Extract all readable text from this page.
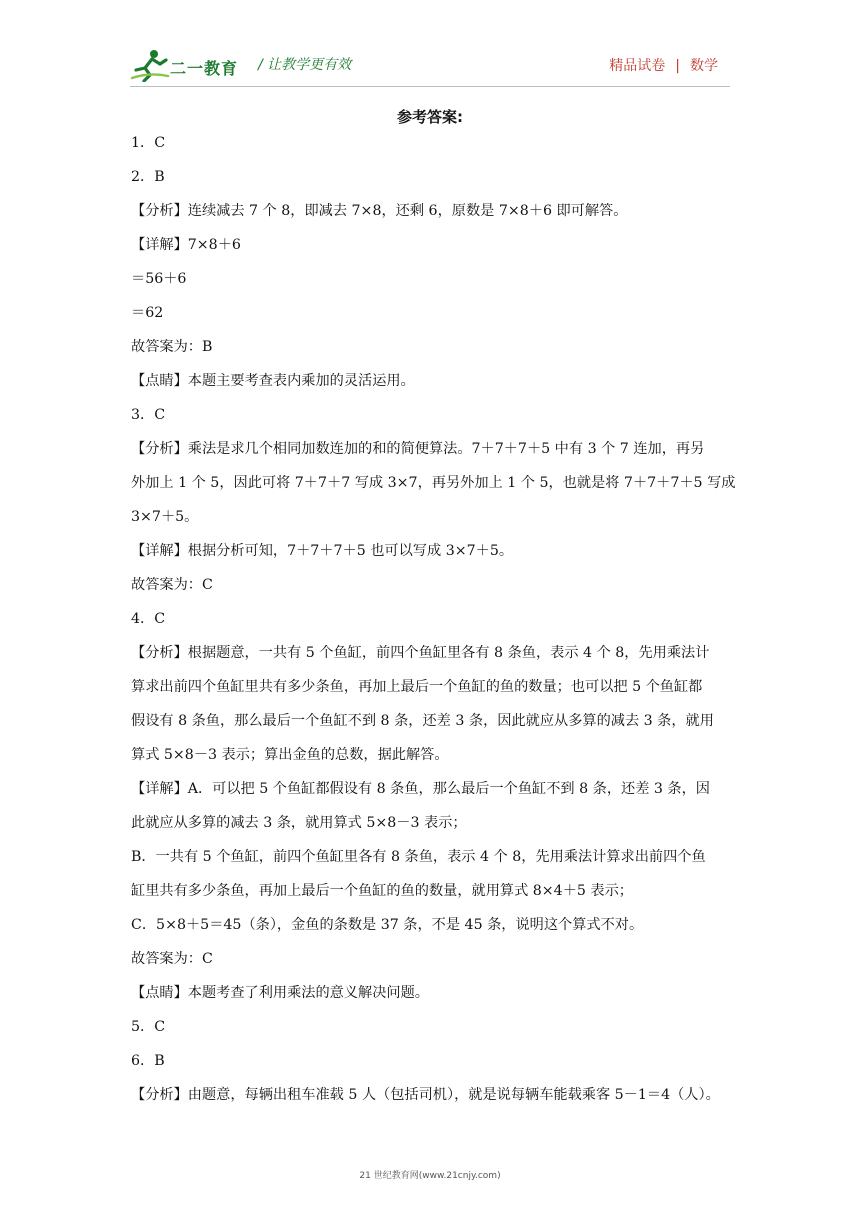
二一教育 / 让教学更有效	精品试卷 | 数学
参考答案:

1．C

2．B

【分析】连续减去 7 个 8，即减去 7×8，还剩 6，原数是 7×8＋6 即可解答。

【详解】7×8＋6

＝56＋6

＝62

故答案为：B

【点睛】本题主要考查表内乘加的灵活运用。

3．C

【分析】乘法是求几个相同加数连加的和的简便算法。7＋7＋7＋5 中有 3 个 7 连加，再另

外加上 1 个 5，因此可将 7＋7＋7 写成 3×7，再另外加上 1 个 5，也就是将 7＋7＋7＋5 写成

3×7＋5。

【详解】根据分析可知，7＋7＋7＋5 也可以写成 3×7＋5。

故答案为：C

4．C

【分析】根据题意，一共有 5 个鱼缸，前四个鱼缸里各有 8 条鱼，表示 4 个 8，先用乘法计

算求出前四个鱼缸里共有多少条鱼，再加上最后一个鱼缸的鱼的数量；也可以把 5 个鱼缸都

假设有 8 条鱼，那么最后一个鱼缸不到 8 条，还差 3 条，因此就应从多算的减去 3 条，就用

算式 5×8－3 表示；算出金鱼的总数，据此解答。

【详解】A．可以把 5 个鱼缸都假设有 8 条鱼，那么最后一个鱼缸不到 8 条，还差 3 条，因

此就应从多算的减去 3 条，就用算式 5×8－3 表示；

B．一共有 5 个鱼缸，前四个鱼缸里各有 8 条鱼，表示 4 个 8，先用乘法计算求出前四个鱼

缸里共有多少条鱼，再加上最后一个鱼缸的鱼的数量，就用算式 8×4＋5 表示；

C．5×8＋5＝45（条），金鱼的条数是 37 条，不是 45 条，说明这个算式不对。

故答案为：C

【点睛】本题考查了利用乘法的意义解决问题。

5．C

6．B

【分析】由题意，每辆出租车准载 5 人（包括司机），就是说每辆车能载乘客 5－1＝4（人）。

21 世纪教育网(www.21cnjy.com)
